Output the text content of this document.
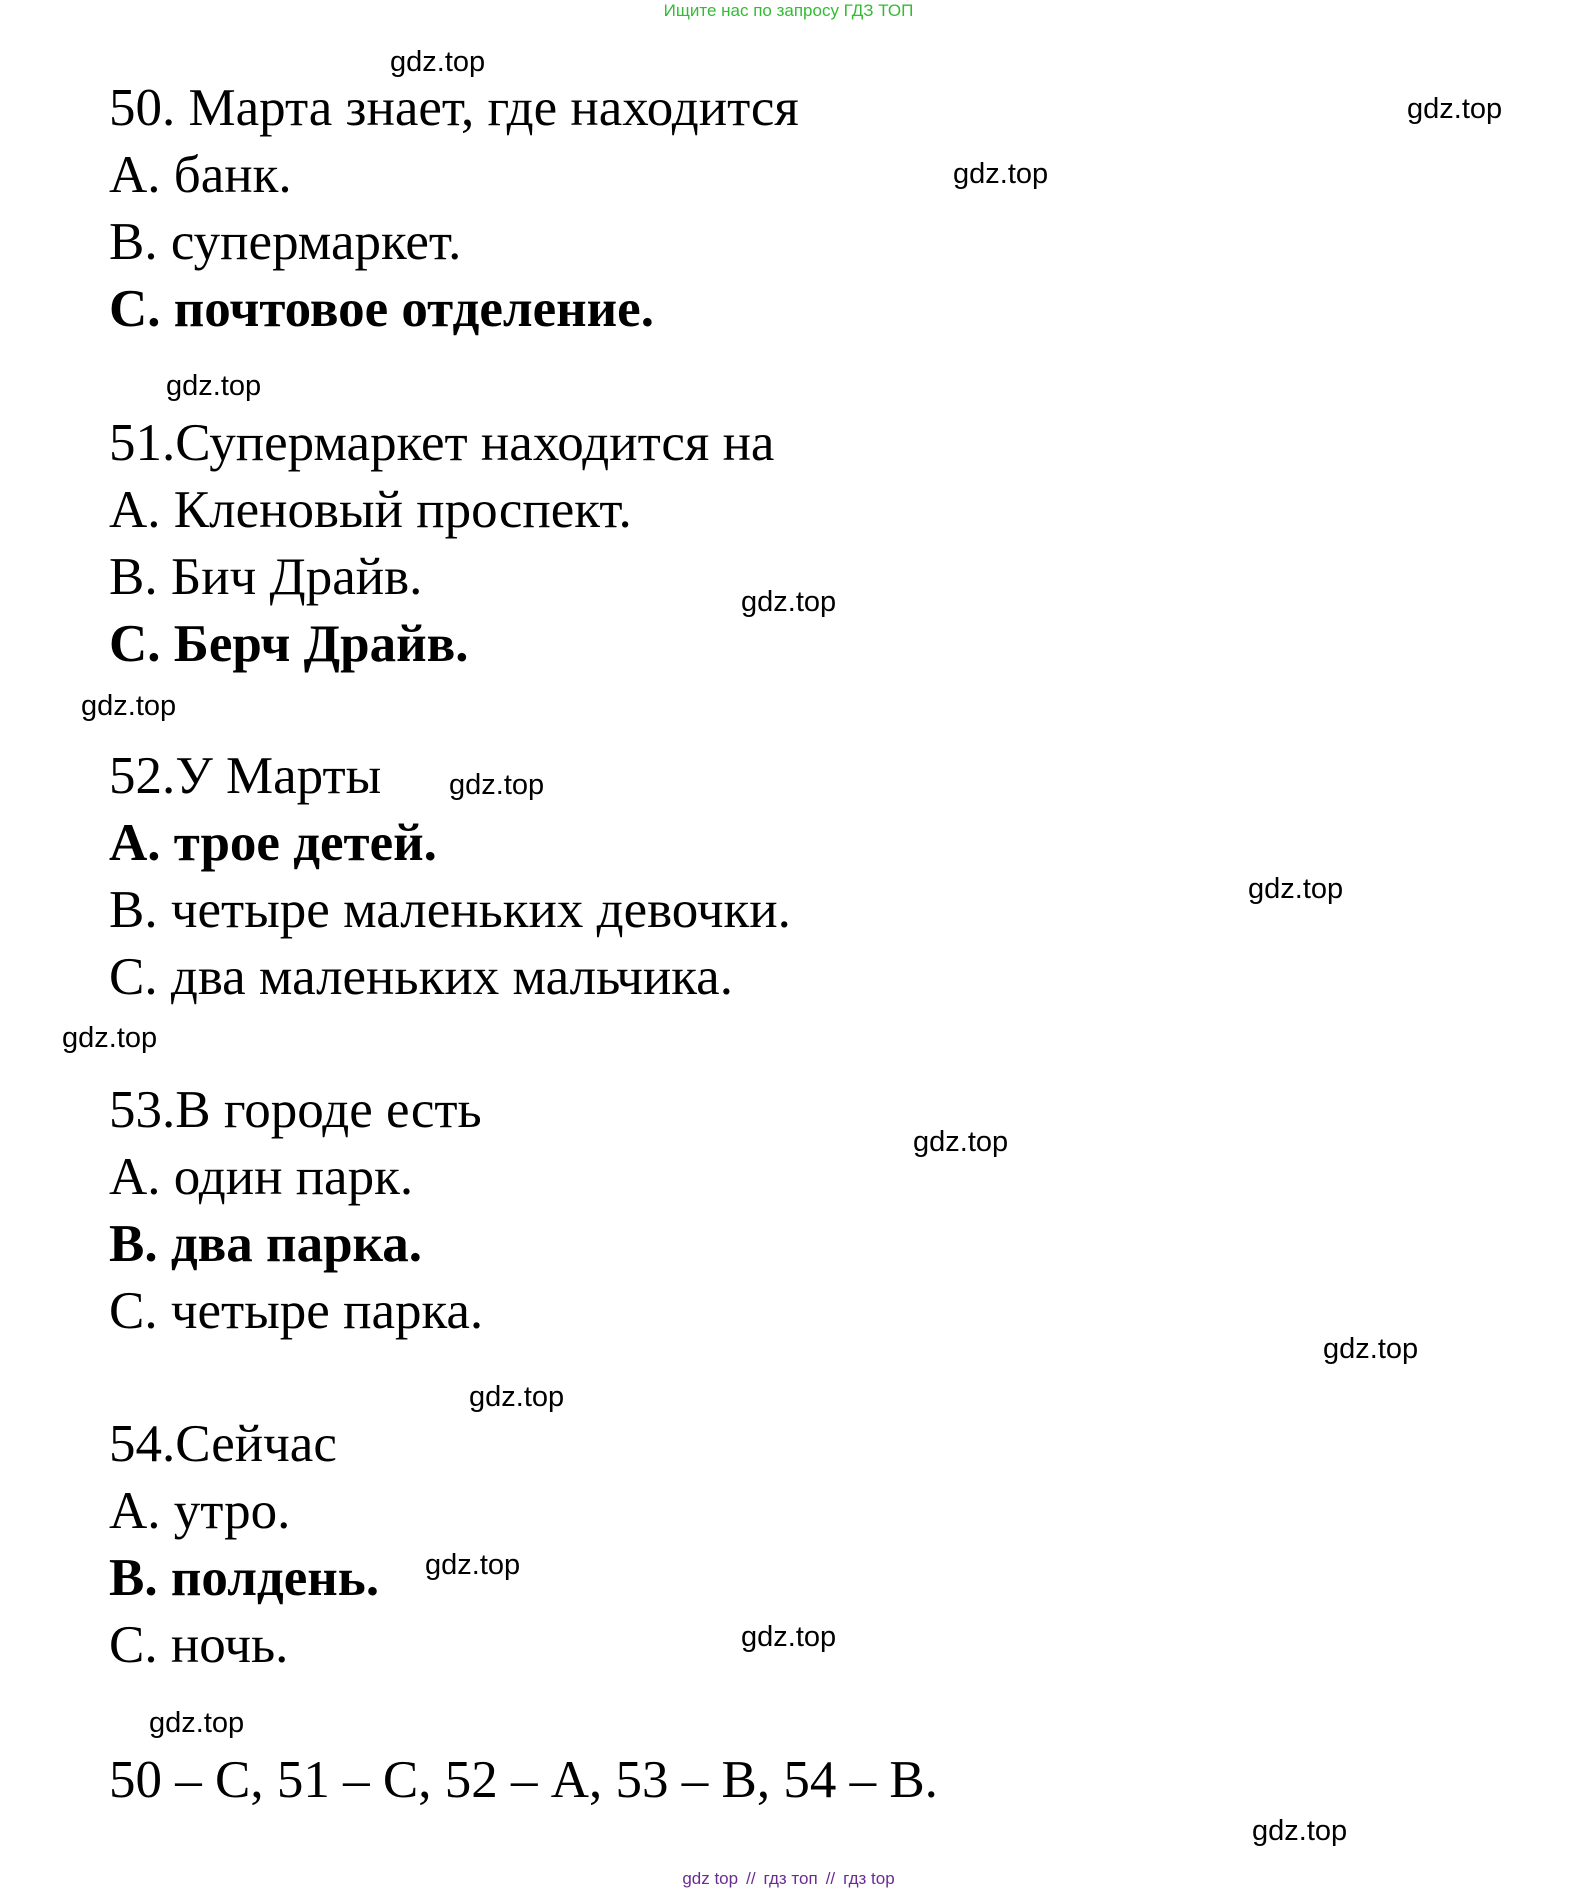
Ищите нас по запросу ГДЗ ТОП
50. Марта знает, где находится
А. банк.
В. супермаркет.
С. почтовое отделение.
51.Супермаркет находится на
А. Кленовый проспект.
В. Бич Драйв.
С. Берч Драйв.
52.У Марты
А. трое детей.
В. четыре маленьких девочки.
С. два маленьких мальчика.
53.В городе есть
А. один парк.
В. два парка.
С. четыре парка.
54.Сейчас
А. утро.
В. полдень.
С. ночь.
50 – С, 51 – С, 52 – А, 53 – В, 54 – В.
gdz.top
gdz.top
gdz.top
gdz.top
gdz.top
gdz.top
gdz.top
gdz.top
gdz.top
gdz.top
gdz.top
gdz.top
gdz.top
gdz.top
gdz.top
gdz.top
gdz top // гдз топ // гдз top
